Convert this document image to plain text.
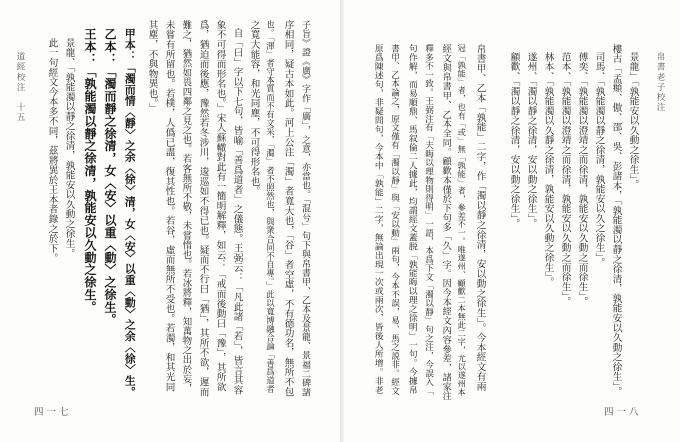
帛書老子校注
四一八
景龍」「孰能安以久動之徐生」。
樓古「孟頫、傲、邵、吳、彭諸本，「孰能濁以靜之徐清，孰能安以久動之徐生」。
司馬、「孰能濁以靜之徐清，孰能安以久之徐生」。
傅奕、「孰能濁以澄靖之而徐清，孰能安以久動之而徐生」。
范本、「孰能濁以澄靖之而徐清，孰能安以久動之而徐生」。
林本、「孰能濁以久靜之徐清，孰能安以久動之徐生」。
遂州、「濁以靜之徐清，安以動之徐生」。
顧歡、「濁以靜之徐清，安以動之徐生」。
帛書甲、乙本「孰能」二字，作「濁以靜之徐清，安以動之徐生」。今本經文有兩
冠「孰能」者，也有「或」無「孰能」者，參差不一。唯遂州、顧歡二本無此二字，尤以遂州本
經文與帛書甲、乙本全同。顧歡本僅於下句多「久」字。因今本經文內容參差，諸家注
釋多不一致。王弼注有「夫晦以理物則得明」一語，本爲下文「濁以靜」句之注，今誤入「
句作解，而易順鼎、馬叙倫二人據此，均謂經文蓋脱「孰能晦以理之徐明」一句。今據帛
書甲、乙本論之，原文僅有「濁以靜」與「安以動」兩句，今本不誤，易、馬之説非。經文
原爲陳述句，非疑問句，今本中「孰能」二字，無論出現一次或兩次，皆後人所增。非老
道經校注　十五
四一七
子旨》證《廣》字作「廣」，之意，亦當也。「混兮」句下與帛書甲、乙本及景龍、景福二碑諸
序相同，疑古本如此。河上公注「濁」者寬大也，「谷」者空虛，不有德功名，無所不包
也。「渾」者守本質而不有文采，「濁」者不照然也，與衆合同不自專。」此以寬博融合論「善爲道者
之寬大能容，和光同塵，不可得形名也。
自「曰」字以下七句，皆喻「善爲道者」之儀態。王弼云：「凡此諸「若」，皆言其容
象不可得而形名也。」宋人蘇轍對此有一簡明解釋，如云：「戒而後動曰「豫」，其所欲
爲，猶迫而後應，豫然若冬涉川，逡巡如不得已也。疑而不行曰「猶」，其所不欲，遲而
難之，猶然如畏四鄰之見之也。若客無所不敬，未嘗惰也。若冰將釋，知萬物之出於妄，
未嘗有所留也。若樸，人僞已盡，復其性也。若谷，虛而無所不受也。若濁，和其光同
其塵，不與物異也。」
甲本：「濁而情〈靜〉之余〈徐〉清，女〈安〉以重〈動〉之余〈徐〉生。
乙本：「濁而靜之徐清，女〈安〉以重〈動〉之徐生。
王本：「孰能濁以靜之徐清，孰能安以久動之徐生。
景龍、「孰能濁以靜之徐清，孰能安以久動之徐生。
此一句經文今本多不同，茲將異於王本者錄之於下。
